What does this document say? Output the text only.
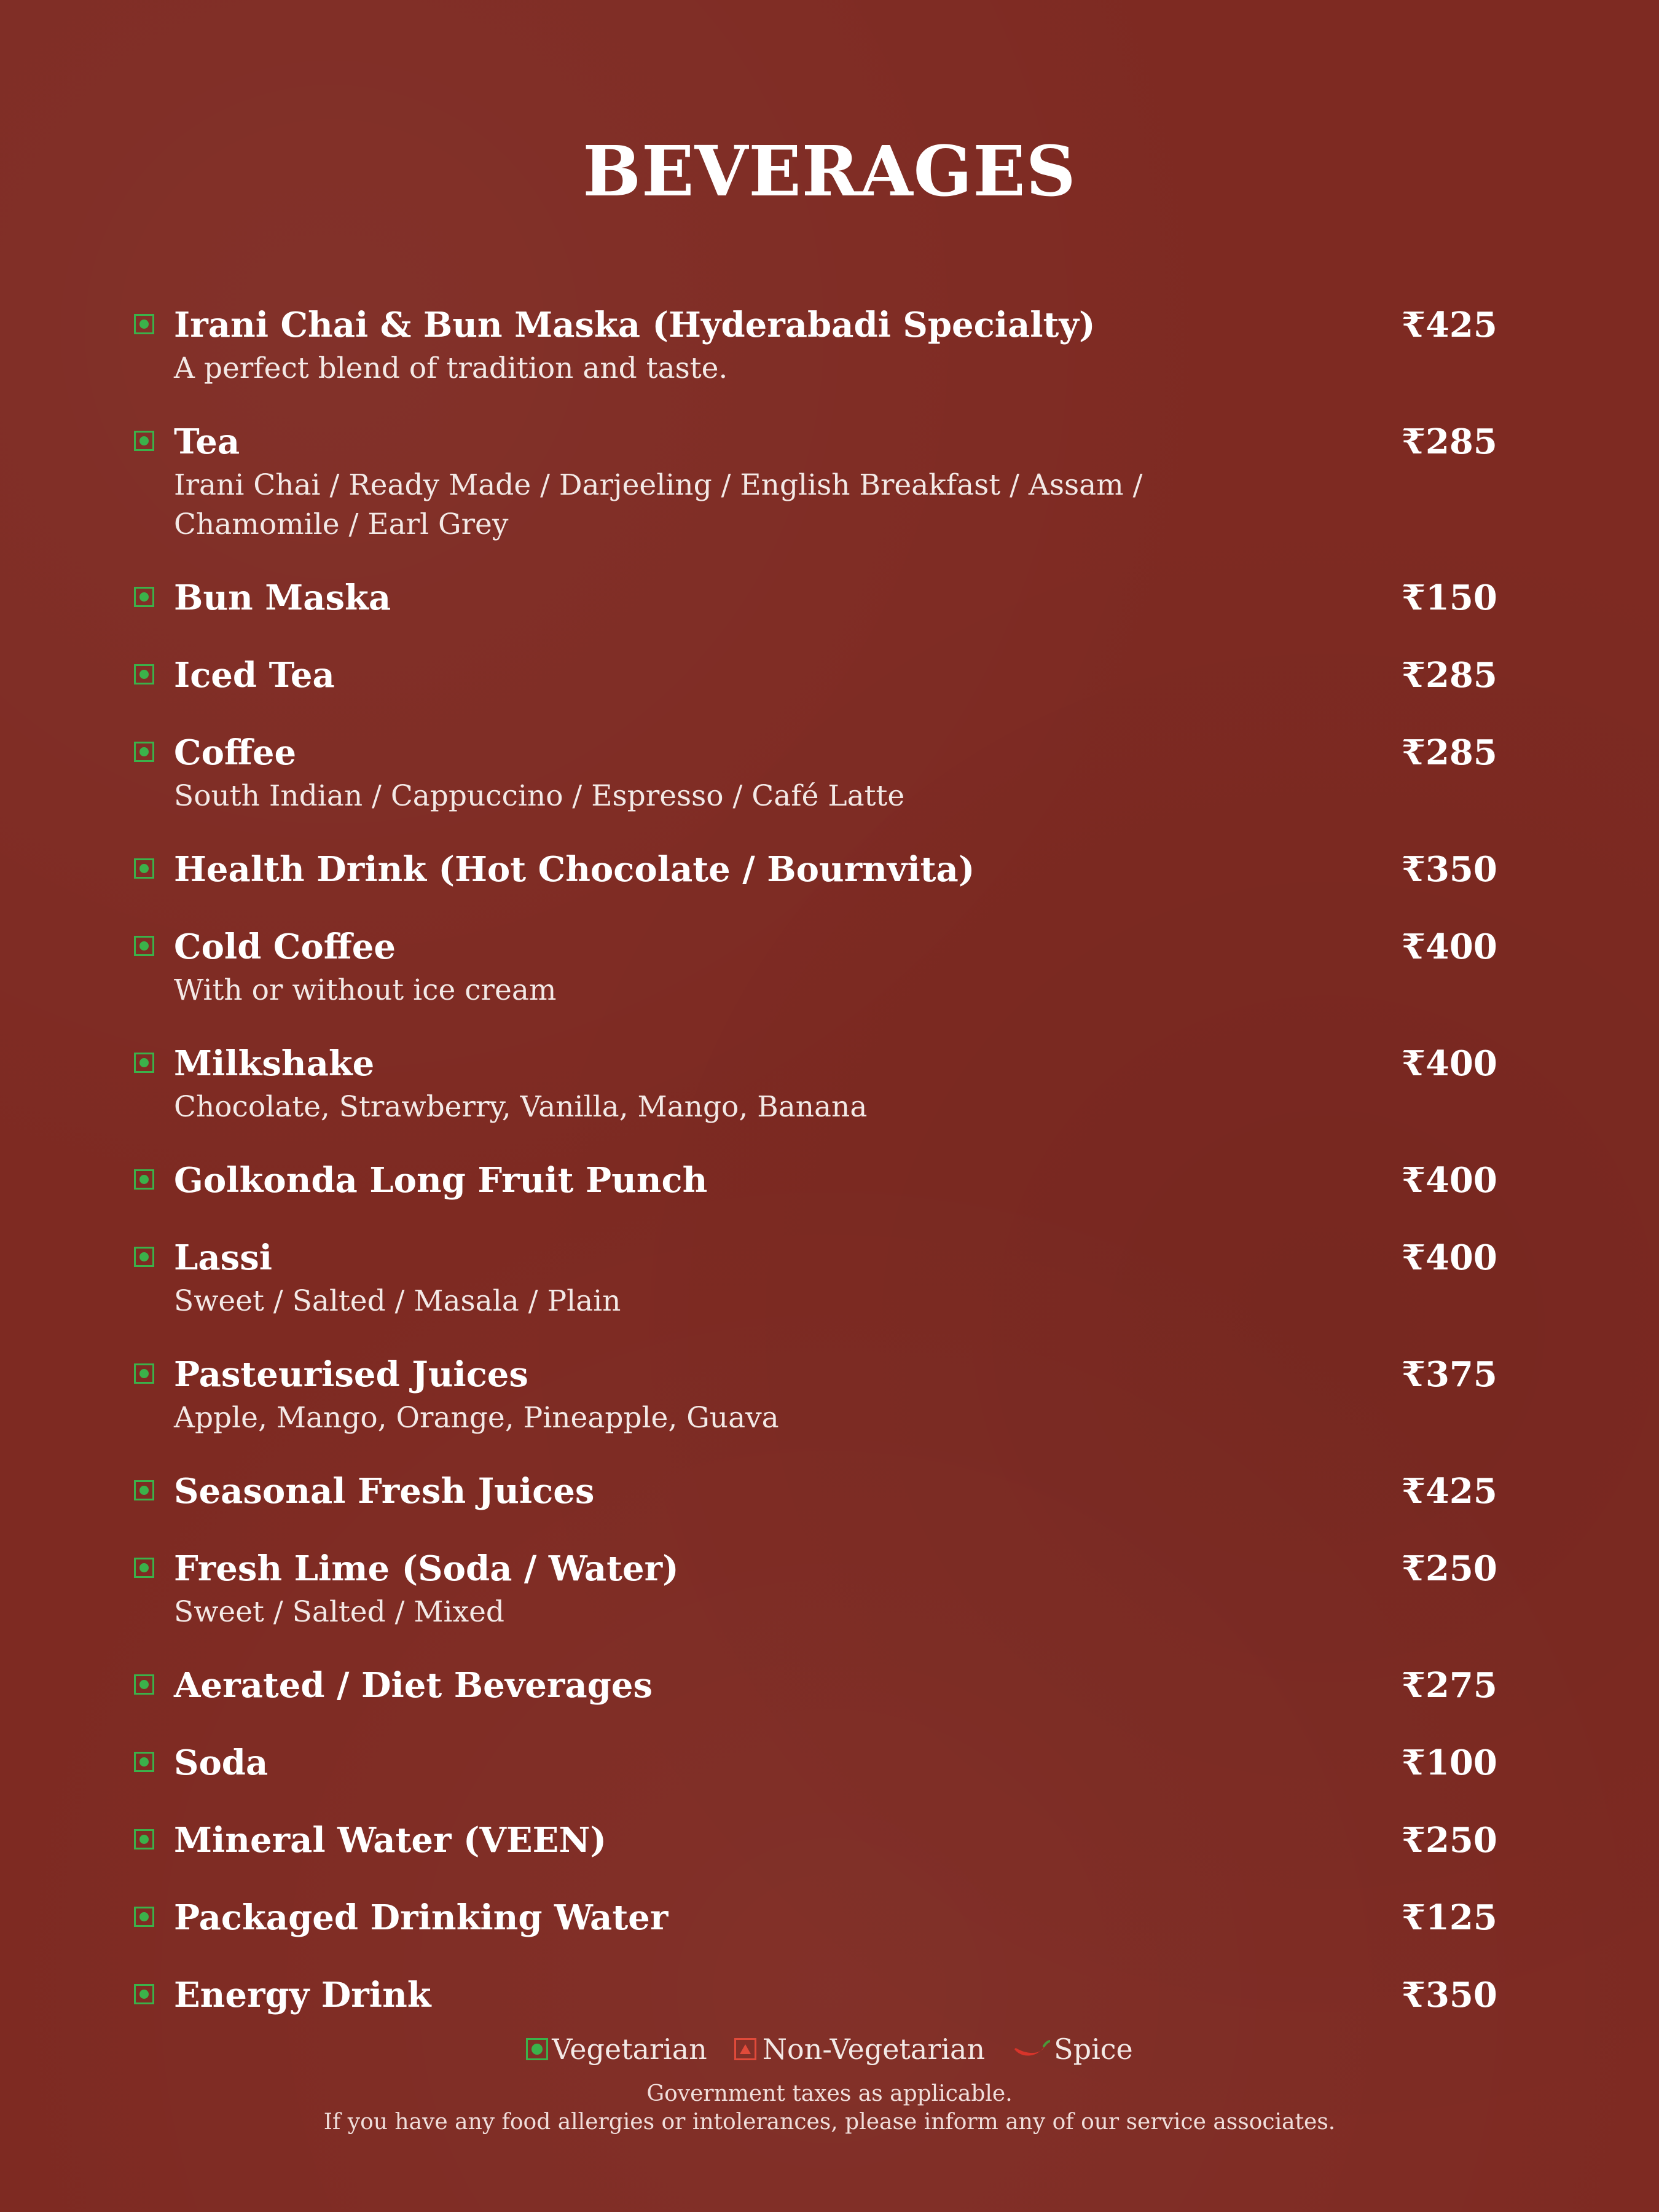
BEVERAGES
Irani Chai & Bun Maska (Hyderabadi Specialty)	₹425
A perfect blend of tradition and taste.
Tea	₹285
Irani Chai / Ready Made / Darjeeling / English Breakfast / Assam / Chamomile / Earl Grey
Bun Maska	₹150
Iced Tea	₹285
Coffee	₹285
South Indian / Cappuccino / Espresso / Café Latte
Health Drink (Hot Chocolate / Bournvita)	₹350
Cold Coffee	₹400
With or without ice cream
Milkshake	₹400
Chocolate, Strawberry, Vanilla, Mango, Banana
Golkonda Long Fruit Punch	₹400
Lassi	₹400
Sweet / Salted / Masala / Plain
Pasteurised Juices	₹375
Apple, Mango, Orange, Pineapple, Guava
Seasonal Fresh Juices	₹425
Fresh Lime (Soda / Water)	₹250
Sweet / Salted / Mixed
Aerated / Diet Beverages	₹275
Soda	₹100
Mineral Water (VEEN)	₹250
Packaged Drinking Water	₹125
Energy Drink	₹350
Vegetarian Non-Vegetarian Spice
Government taxes as applicable.
If you have any food allergies or intolerances, please inform any of our service associates.
